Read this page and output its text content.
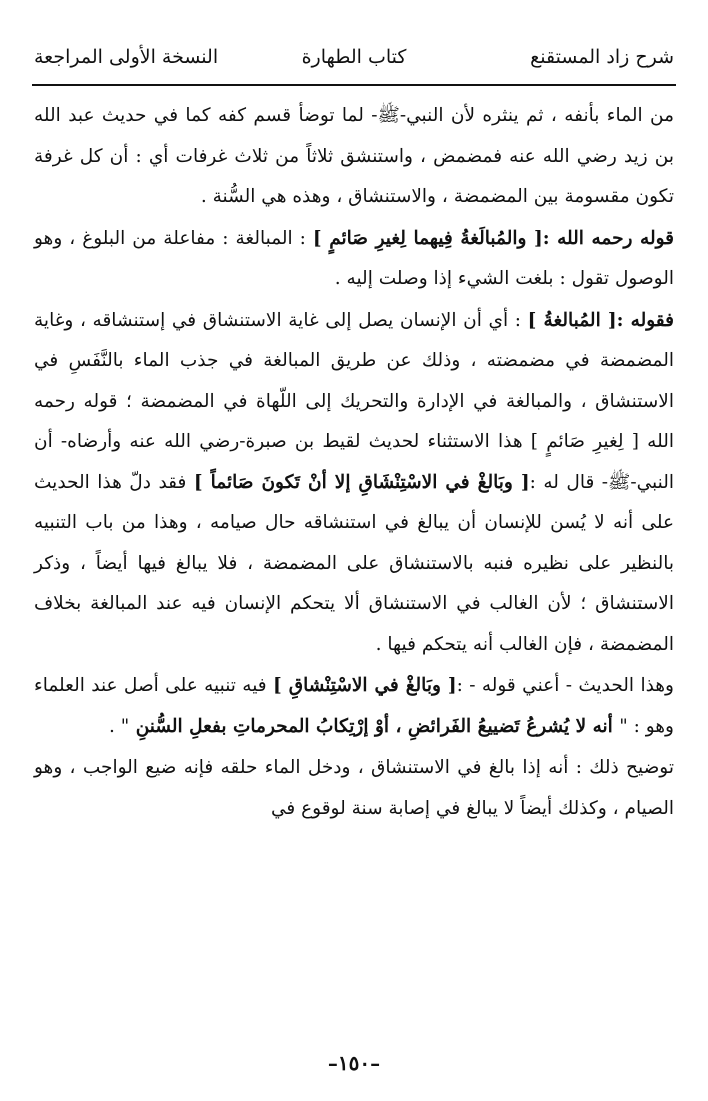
شرح زاد المستقنع
كتاب الطهارة
النسخة الأولى المراجعة

من الماء بأنفه ، ثم ينثره لأن النبي-ﷺ- لما توضأ قسم كفه كما في حديث عبد الله بن زيد رضي الله عنه فمضمض ، واستنشق ثلاثاً من ثلاث غرفات أي : أن كل غرفة تكون مقسومة بين المضمضة ، والاستنشاق ، وهذه هي السُّنة .

قوله رحمه الله :[ والمُبالَغةُ فِيهما لِغيرِ صَائمٍ ] : المبالغة : مفاعلة من البلوغ ، وهو الوصول تقول : بلغت الشيء إذا وصلت إليه .

فقوله :[ المُبالغةُ ] : أي أن الإنسان يصل إلى غاية الاستنشاق في إستنشاقه ، وغاية المضمضة في مضمضته ، وذلك عن طريق المبالغة في جذب الماء بالنَّفَسِ في الاستنشاق ، والمبالغة في الإدارة والتحريك إلى اللّهاة في المضمضة ؛ قوله رحمه الله [ لِغيرِ صَائمٍ ] هذا الاستثناء لحديث لقيط بن صبرة-رضي الله عنه وأرضاه- أن النبي-ﷺ- قال له :[ وبَالغْ في الاسْتِنْشَاقِ إلا أنْ تَكونَ صَائماً ] فقد دلّ هذا الحديث على أنه لا يُسن للإنسان أن يبالغ في استنشاقه حال صيامه ، وهذا من باب التنبيه بالنظير على نظيره فنبه بالاستنشاق على المضمضة ، فلا يبالغ فيها أيضاً ، وذكر الاستنشاق ؛ لأن الغالب في الاستنشاق ألا يتحكم الإنسان فيه عند المبالغة بخلاف المضمضة ، فإن الغالب أنه يتحكم فيها .

وهذا الحديث - أعني قوله - :[ وبَالغْ في الاسْتِنْشاقِ ] فيه تنبيه على أصل عند العلماء وهو : " أنه لا يُشرعُ تَضييعُ الفَرائضِ ، أوْ إرْتِكابُ المحرماتِ بفعلِ السُّننِ " .

توضيح ذلك : أنه إذا بالغ في الاستنشاق ، ودخل الماء حلقه فإنه ضيع الواجب ، وهو الصيام ، وكذلك أيضاً لا يبالغ في إصابة سنة لوقوع في

–١٥٠–
